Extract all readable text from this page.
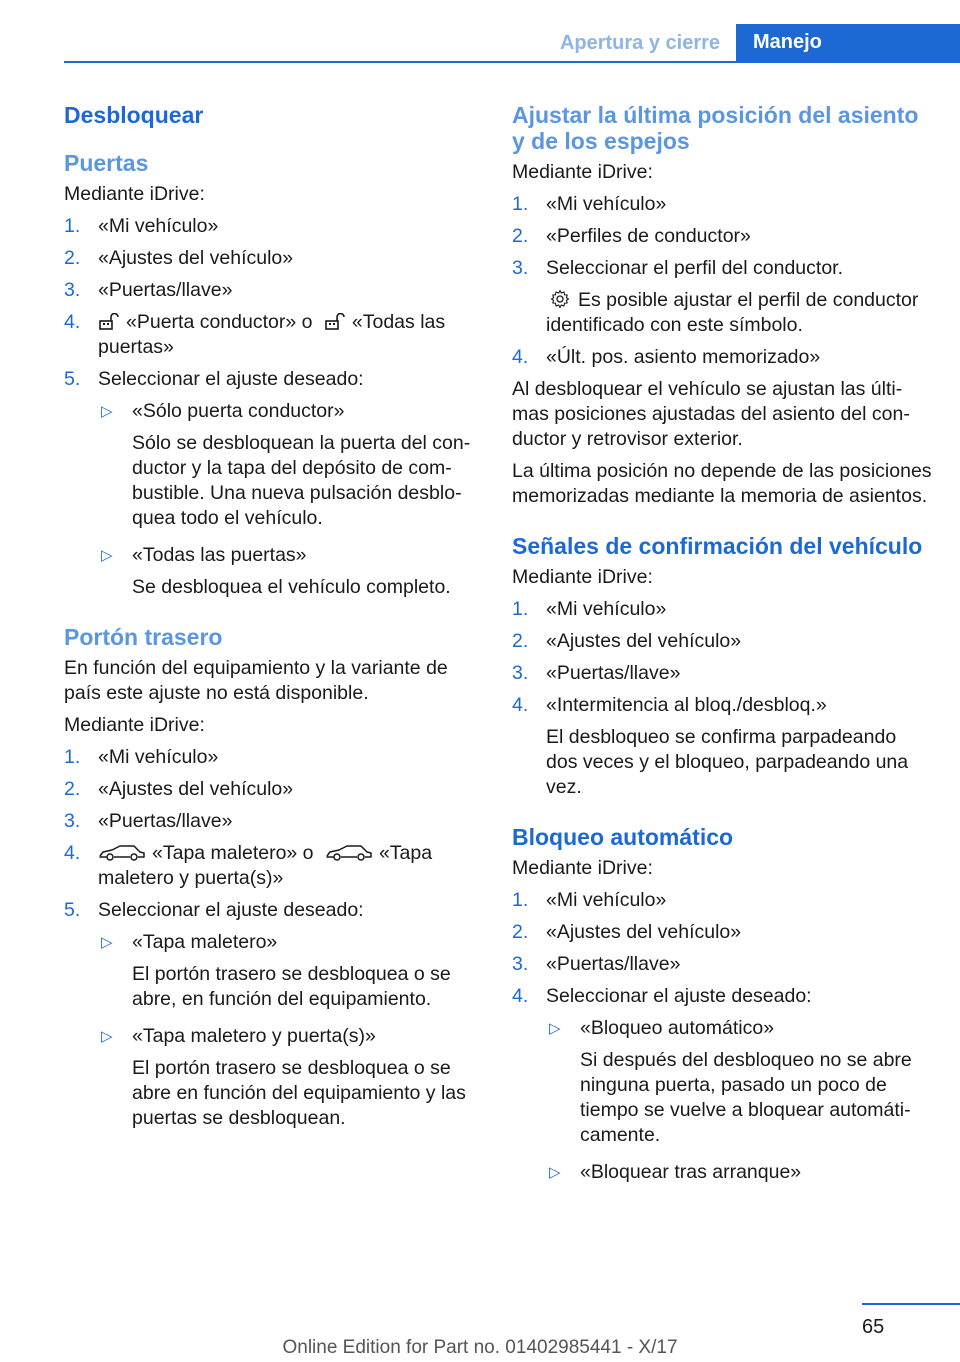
Apertura y cierre	Manejo
Desbloquear
Puertas

Mediante iDrive:

1. «Mi vehículo»
2. «Ajustes del vehículo»
3. «Puertas/llave»
4. «Puerta conductor» o «Todas las puertas»
5. Seleccionar el ajuste deseado:
▷ «Sólo puerta conductor»
Sólo se desbloquean la puerta del conductor y la tapa del depósito de combustible. Una nueva pulsación desbloquea todo el vehículo.
▷ «Todas las puertas»
Se desbloquea el vehículo completo.
Portón trasero

En función del equipamiento y la variante de país este ajuste no está disponible.

Mediante iDrive:

1. «Mi vehículo»
2. «Ajustes del vehículo»
3. «Puertas/llave»
4.	«Tapa maletero» o	«Tapa maletero y puerta(s)»
5. Seleccionar el ajuste deseado:
▷ «Tapa maletero»
El portón trasero se desbloquea o se abre, en función del equipamiento.
▷ «Tapa maletero y puerta(s)»
El portón trasero se desbloquea o se abre en función del equipamiento y las puertas se desbloquean.
Ajustar la última posición del asiento y de los espejos

Mediante iDrive:

1. «Mi vehículo»
2. «Perfiles de conductor»
3. Seleccionar el perfil del conductor.
Es posible ajustar el perfil de conductor identificado con este símbolo.
4. «Últ. pos. asiento memorizado»

Al desbloquear el vehículo se ajustan las últimas posiciones ajustadas del asiento del conductor y retrovisor exterior.

La última posición no depende de las posiciones memorizadas mediante la memoria de asientos.

Señales de confirmación del vehículo

Mediante iDrive:

1. «Mi vehículo»
2. «Ajustes del vehículo»
3. «Puertas/llave»
4. «Intermitencia al bloq./desbloq.»
El desbloqueo se confirma parpadeando dos veces y el bloqueo, parpadeando una vez.
Bloqueo automático

Mediante iDrive:

1. «Mi vehículo»
2. «Ajustes del vehículo»
3. «Puertas/llave»
4. Seleccionar el ajuste deseado:
▷ «Bloqueo automático»
Si después del desbloqueo no se abre ninguna puerta, pasado un poco de tiempo se vuelve a bloquear automáticamente.
▷ «Bloquear tras arranque»
65
Online Edition for Part no. 01402985441 - X/17
